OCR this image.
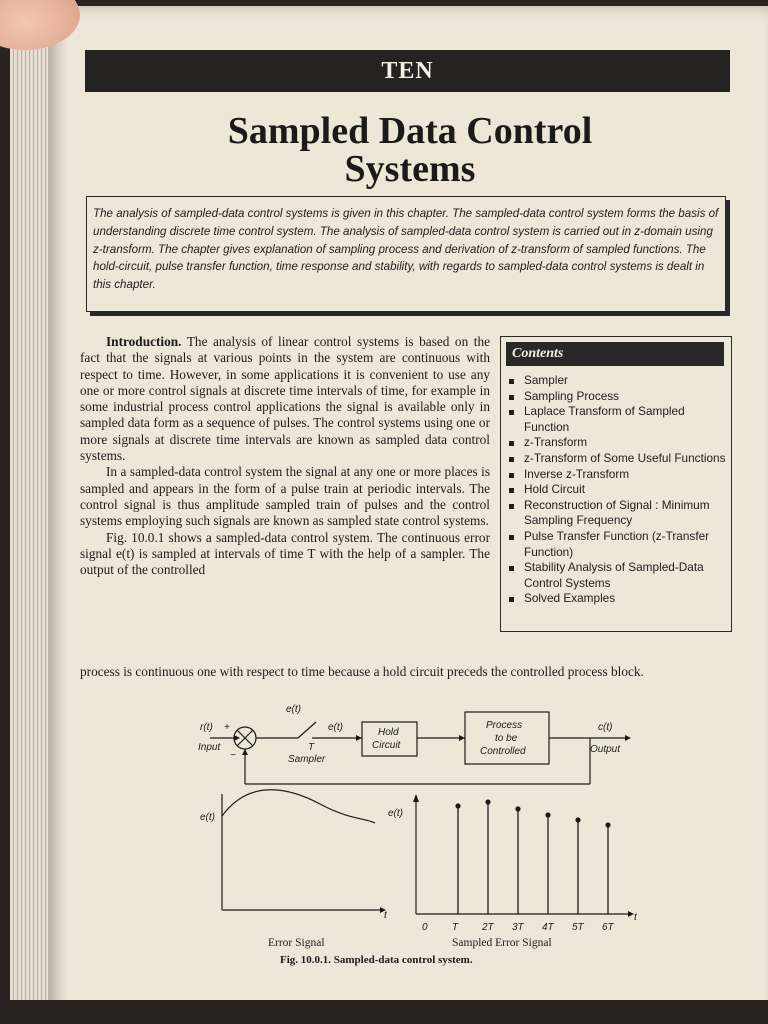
TEN
Sampled Data Control
Systems
The analysis of sampled-data control systems is given in this chapter. The sampled-data control system forms the basis of understanding discrete time control system. The analysis of sampled-data control system is carried out in z-domain using z-transform. The chapter gives explanation of sampling process and derivation of z-transform of sampled functions. The hold-circuit, pulse transfer function, time response and stability, with regards to sampled-data control systems is dealt in this chapter.

Introduction. The analysis of linear control systems is based on the fact that the signals at various points in the system are continuous with respect to time. However, in some applications it is convenient to use any one or more control signals at discrete time intervals of time, for example in some industrial process control applications the signal is available only in sampled data form as a sequence of pulses. The control systems using one or more signals at discrete time intervals are known as sampled data control systems.

In a sampled-data control system the signal at any one or more places is sampled and appears in the form of a pulse train at periodic intervals. The control signal is thus amplitude sampled train of pulses and the control systems employing such signals are known as sampled state control systems.

Fig. 10.0.1 shows a sampled-data control system. The continuous error signal e(t) is sampled at intervals of time T with the help of a sampler. The output of the controlled

process is continuous one with respect to time because a hold circuit preceds the controlled process block.
Contents
Sampler
Sampling Process
Laplace Transform of Sampled Function
z-Transform
z-Transform of Some Useful Functions
Inverse z-Transform
Hold Circuit
Reconstruction of Signal : Minimum Sampling Frequency
Pulse Transfer Function (z-Transfer Function)
Stability Analysis of Sampled-Data Control Systems
Solved Examples
r(t) +
Input
−
e(t)
e(t)
T
Sampler
Hold
Circuit
Process
to be
Controlled
c(t)
Output
e(t)
t
e(t)
t
0 T 2T 3T 4T 5T 6T
Error Signal	Sampled Error Signal
Fig. 10.0.1. Sampled-data control system.
